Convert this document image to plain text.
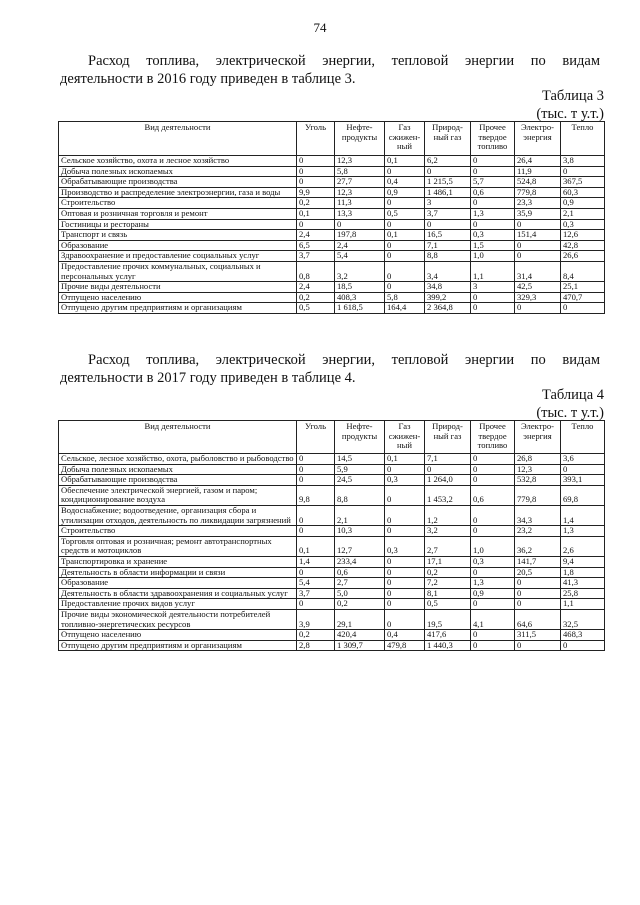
74
Расход топлива, электрической энергии, тепловой энергии по видам
деятельности в 2016 году приведен в таблице 3.
Таблица 3
(тыс. т у.т.)
Вид деятельности	Уголь	Нефте-продукты	Газ сжижен-ный	Природ-ный газ	Прочее твердое топливо	Электро-энергия	Тепло
Сельское хозяйство, охота и лесное хозяйство	0	12,3	0,1	6,2	0	26,4	3,8
Добыча полезных ископаемых	0	5,8	0	0	0	11,9	0
Обрабатывающие производства	0	27,7	0,4	1 215,5	5,7	524,8	367,5
Производство и распределение электроэнергии, газа и воды	9,9	12,3	0,9	1 486,1	0,6	779,8	60,3
Строительство	0,2	11,3	0	3	0	23,3	0,9
Оптовая и розничная торговля и ремонт	0,1	13,3	0,5	3,7	1,3	35,9	2,1
Гостиницы и рестораны	0	0	0	0	0	0	0,3
Транспорт и связь	2,4	197,8	0,1	16,5	0,3	151,4	12,6
Образование	6,5	2,4	0	7,1	1,5	0	42,8
Здравоохранение и предоставление социальных услуг	3,7	5,4	0	8,8	1,0	0	26,6
Предоставление прочих коммунальных, социальных и персональных услуг	0,8	3,2	0	3,4	1,1	31,4	8,4
Прочие виды деятельности	2,4	18,5	0	34,8	3	42,5	25,1
Отпущено населению	0,2	408,3	5,8	399,2	0	329,3	470,7
Отпущено другим предприятиям и организациям	0,5	1 618,5	164,4	2 364,8	0	0	0
Расход топлива, электрической энергии, тепловой энергии по видам
деятельности в 2017 году приведен в таблице 4.
Таблица 4
(тыс. т у.т.)
Вид деятельности	Уголь	Нефте-продукты	Газ сжижен-ный	Природ-ный газ	Прочее твердое топливо	Электро-энергия	Тепло
Сельское, лесное хозяйство, охота, рыболовство и рыбоводство	0	14,5	0,1	7,1	0	26,8	3,6
Добыча полезных ископаемых	0	5,9	0	0	0	12,3	0
Обрабатывающие производства	0	24,5	0,3	1 264,0	0	532,8	393,1
Обеспечение электрической энергией, газом и паром; кондиционирование воздуха	9,8	8,8	0	1 453,2	0,6	779,8	69,8
Водоснабжение; водоотведение, организация сбора и утилизации отходов, деятельность по ликвидации загрязнений	0	2,1	0	1,2	0	34,3	1,4
Строительство	0	10,3	0	3,2	0	23,2	1,3
Торговля оптовая и розничная; ремонт автотранспортных средств и мотоциклов	0,1	12,7	0,3	2,7	1,0	36,2	2,6
Транспортировка и хранение	1,4	233,4	0	17,1	0,3	141,7	9,4
Деятельность в области информации и связи	0	0,6	0	0,2	0	20,5	1,8
Образование	5,4	2,7	0	7,2	1,3	0	41,3
Деятельность в области здравоохранения и социальных услуг	3,7	5,0	0	8,1	0,9	0	25,8
Предоставление прочих видов услуг	0	0,2	0	0,5	0	0	1,1
Прочие виды экономической деятельности потребителей топливно-энергетических ресурсов	3,9	29,1	0	19,5	4,1	64,6	32,5
Отпущено населению	0,2	420,4	0,4	417,6	0	311,5	468,3
Отпущено другим предприятиям и организациям	2,8	1 309,7	479,8	1 440,3	0	0	0
